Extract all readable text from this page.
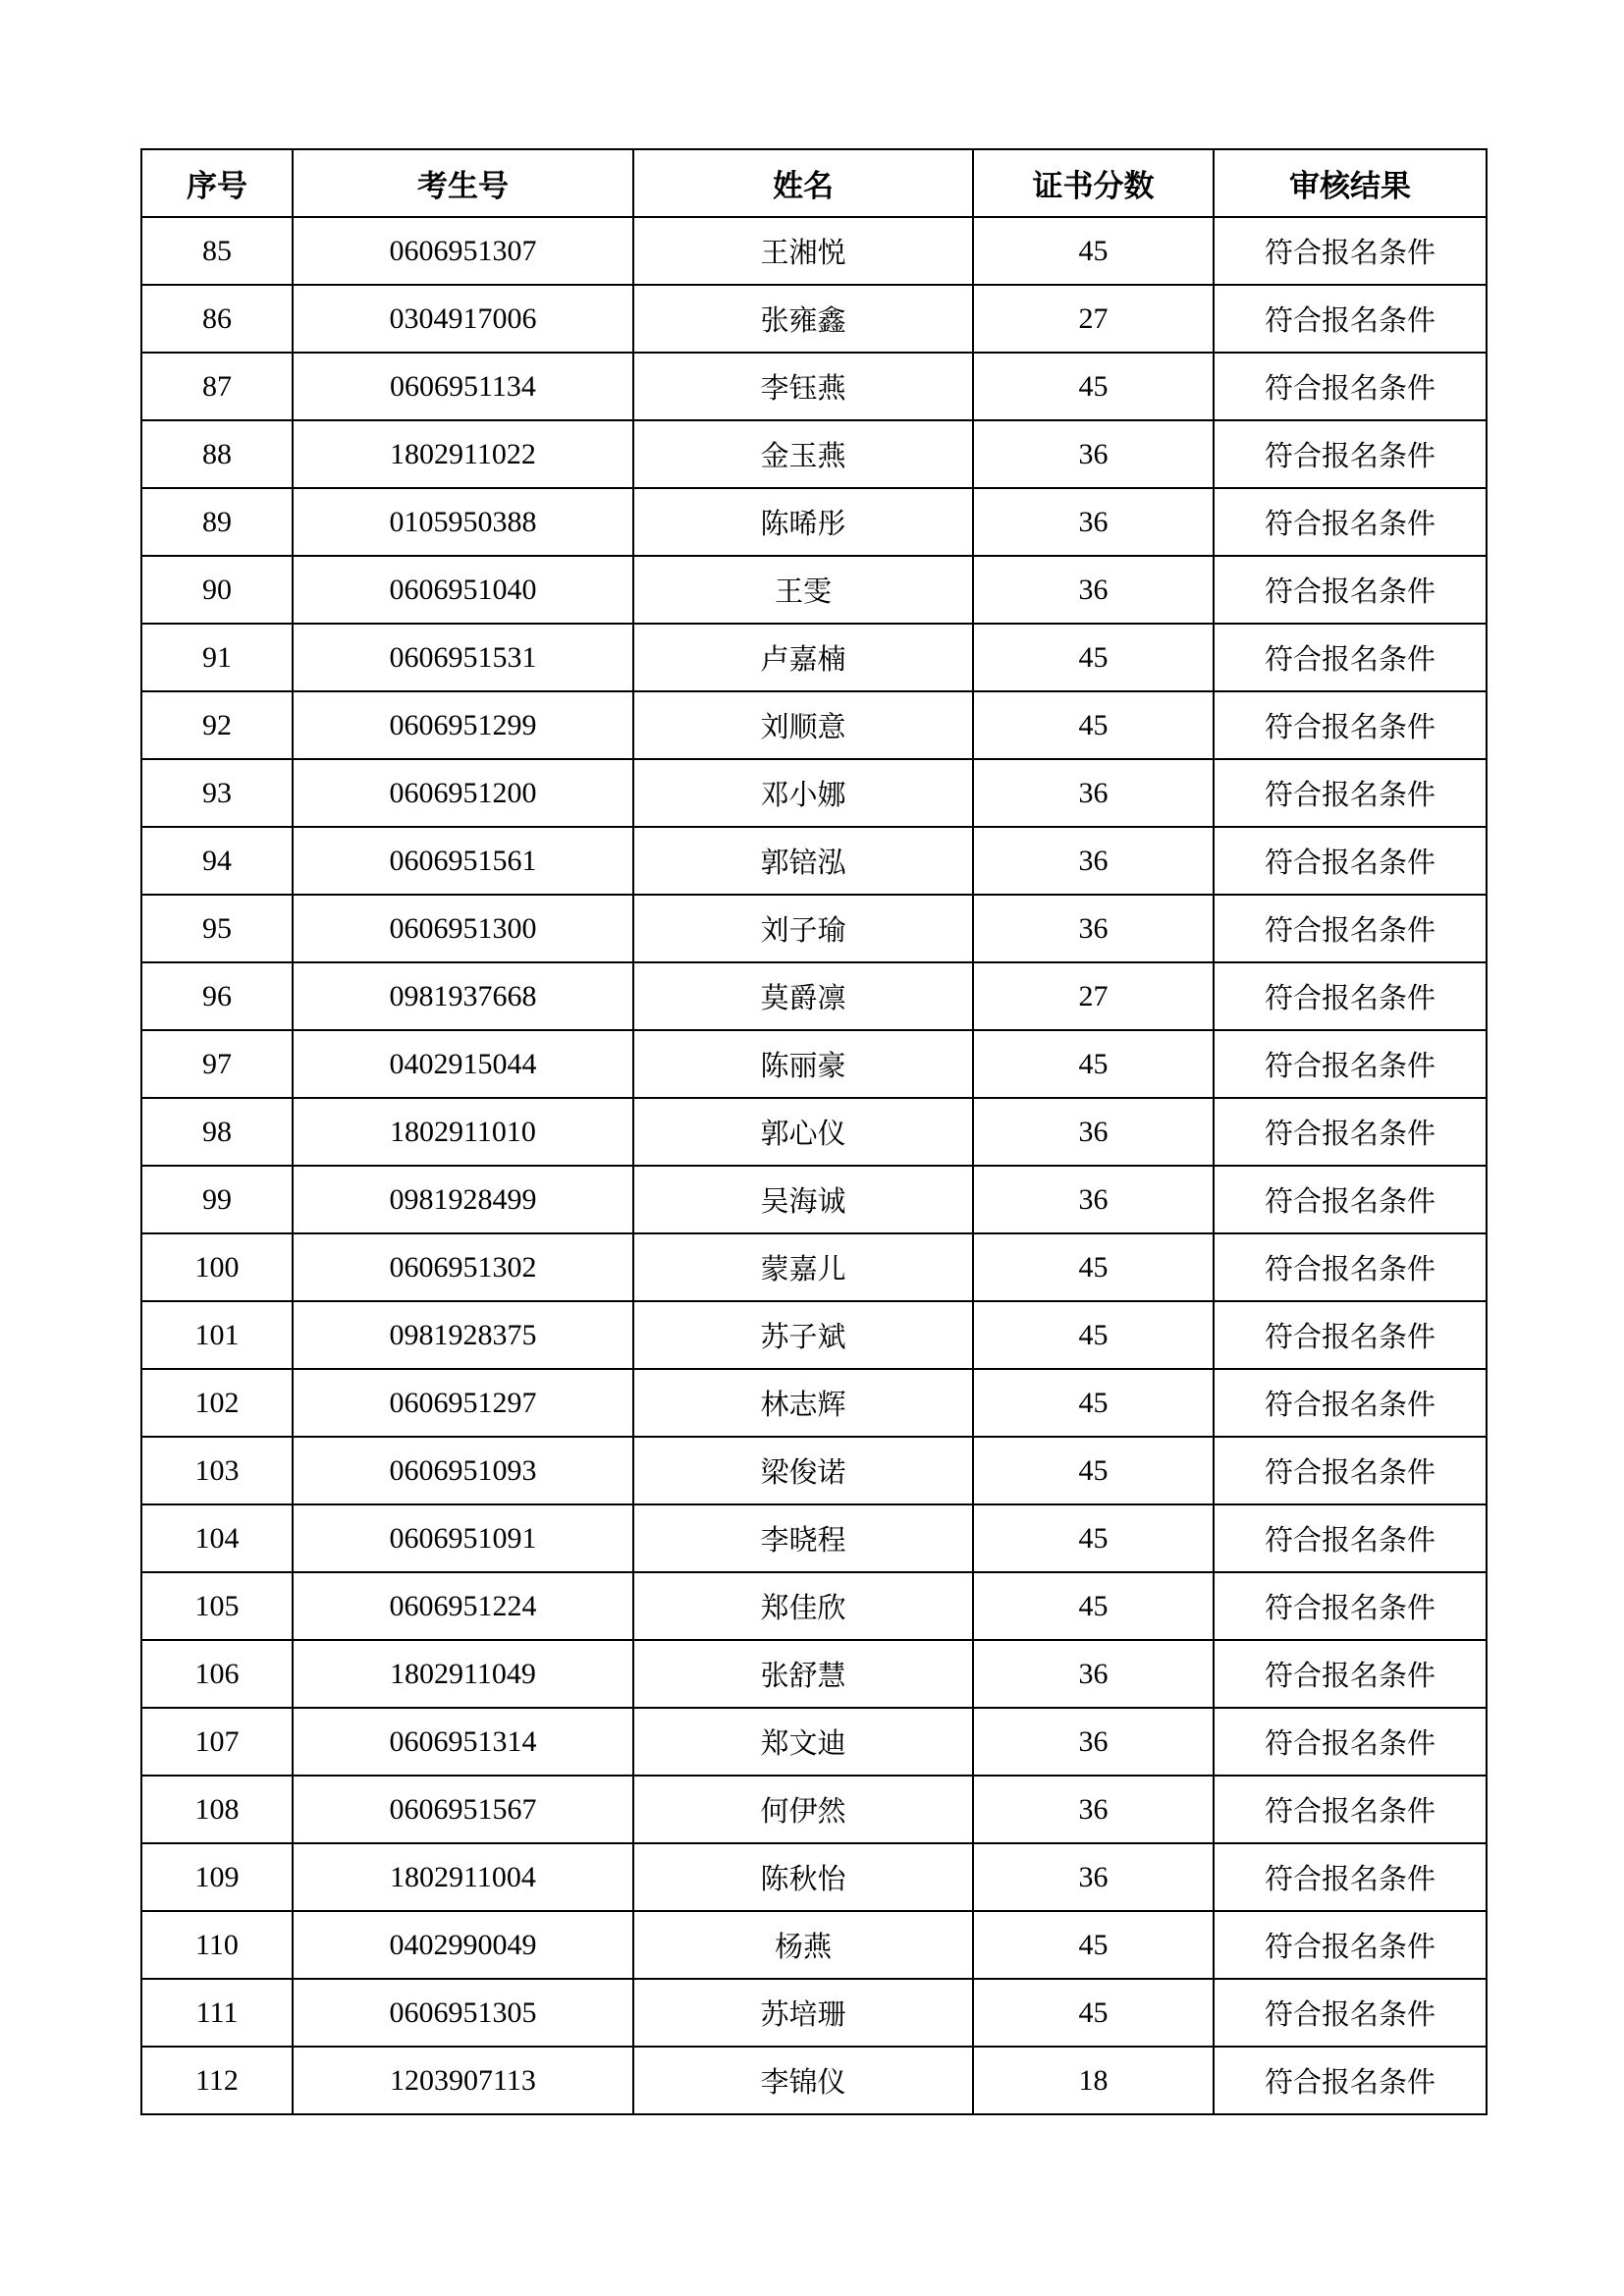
序号	考生号	姓名	证书分数	审核结果
85	0606951307	王湘悦	45	符合报名条件
86	0304917006	张雍鑫	27	符合报名条件
87	0606951134	李钰燕	45	符合报名条件
88	1802911022	金玉燕	36	符合报名条件
89	0105950388	陈晞彤	36	符合报名条件
90	0606951040	王雯	36	符合报名条件
91	0606951531	卢嘉楠	45	符合报名条件
92	0606951299	刘顺意	45	符合报名条件
93	0606951200	邓小娜	36	符合报名条件
94	0606951561	郭锫泓	36	符合报名条件
95	0606951300	刘子瑜	36	符合报名条件
96	0981937668	莫爵凛	27	符合报名条件
97	0402915044	陈丽豪	45	符合报名条件
98	1802911010	郭心仪	36	符合报名条件
99	0981928499	吴海诚	36	符合报名条件
100	0606951302	蒙嘉儿	45	符合报名条件
101	0981928375	苏子斌	45	符合报名条件
102	0606951297	林志辉	45	符合报名条件
103	0606951093	梁俊诺	45	符合报名条件
104	0606951091	李晓程	45	符合报名条件
105	0606951224	郑佳欣	45	符合报名条件
106	1802911049	张舒慧	36	符合报名条件
107	0606951314	郑文迪	36	符合报名条件
108	0606951567	何伊然	36	符合报名条件
109	1802911004	陈秋怡	36	符合报名条件
110	0402990049	杨燕	45	符合报名条件
111	0606951305	苏培珊	45	符合报名条件
112	1203907113	李锦仪	18	符合报名条件
